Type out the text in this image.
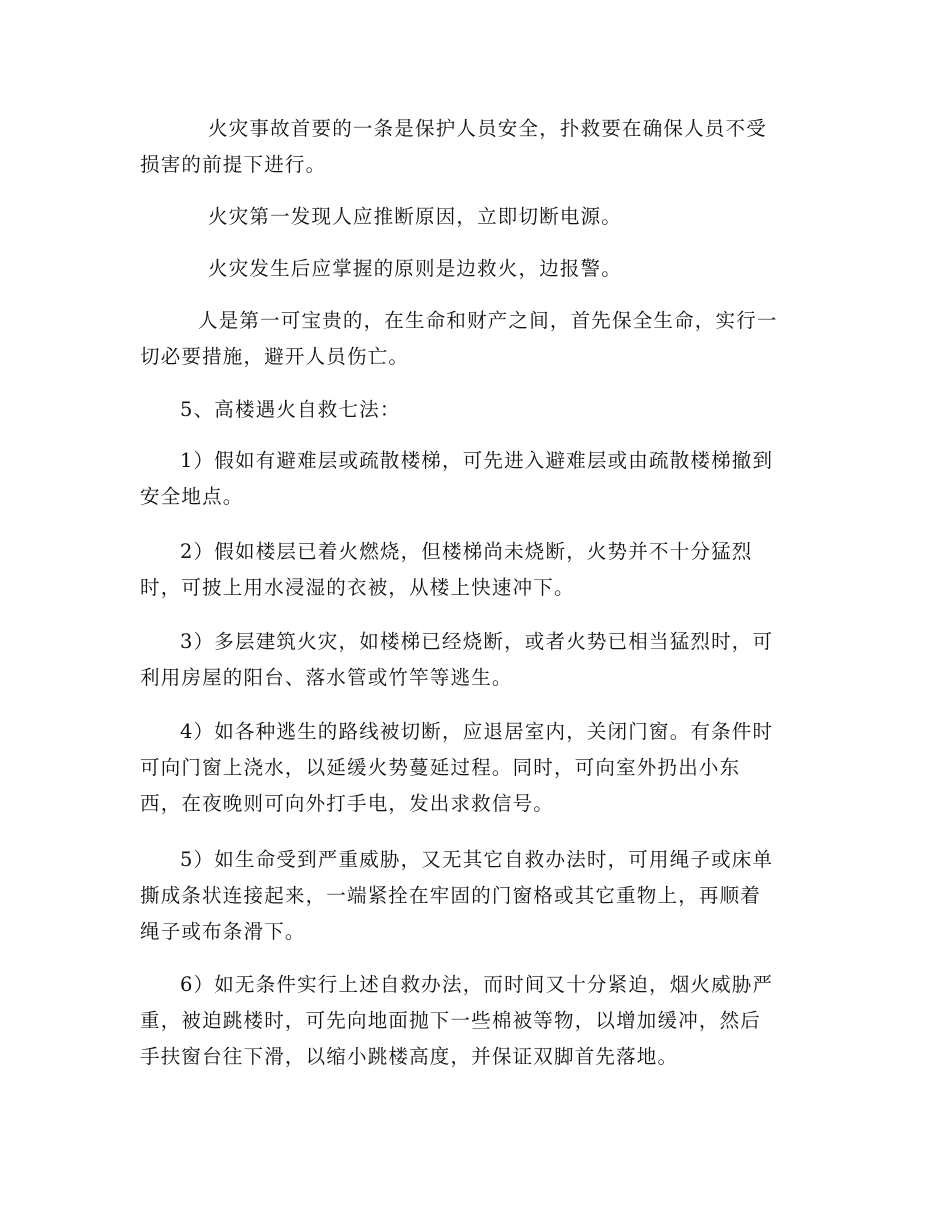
火灾事故首要的一条是保护人员安全，扑救要在确保人员不受
损害的前提下进行。

火灾第一发现人应推断原因，立即切断电源。

火灾发生后应掌握的原则是边救火，边报警。

人是第一可宝贵的，在生命和财产之间，首先保全生命，实行一
切必要措施，避开人员伤亡。

5、高楼遇火自救七法：

1）假如有避难层或疏散楼梯，可先进入避难层或由疏散楼梯撤到
安全地点。

2）假如楼层已着火燃烧，但楼梯尚未烧断，火势并不十分猛烈
时，可披上用水浸湿的衣被，从楼上快速冲下。

3）多层建筑火灾，如楼梯已经烧断，或者火势已相当猛烈时，可
利用房屋的阳台、落水管或竹竿等逃生。

4）如各种逃生的路线被切断，应退居室内，关闭门窗。有条件时
可向门窗上浇水，以延缓火势蔓延过程。同时，可向室外扔出小东
西，在夜晚则可向外打手电，发出求救信号。

5）如生命受到严重威胁，又无其它自救办法时，可用绳子或床单
撕成条状连接起来，一端紧拴在牢固的门窗格或其它重物上，再顺着
绳子或布条滑下。

6）如无条件实行上述自救办法，而时间又十分紧迫，烟火威胁严
重，被迫跳楼时，可先向地面抛下一些棉被等物，以增加缓冲，然后
手扶窗台往下滑，以缩小跳楼高度，并保证双脚首先落地。
